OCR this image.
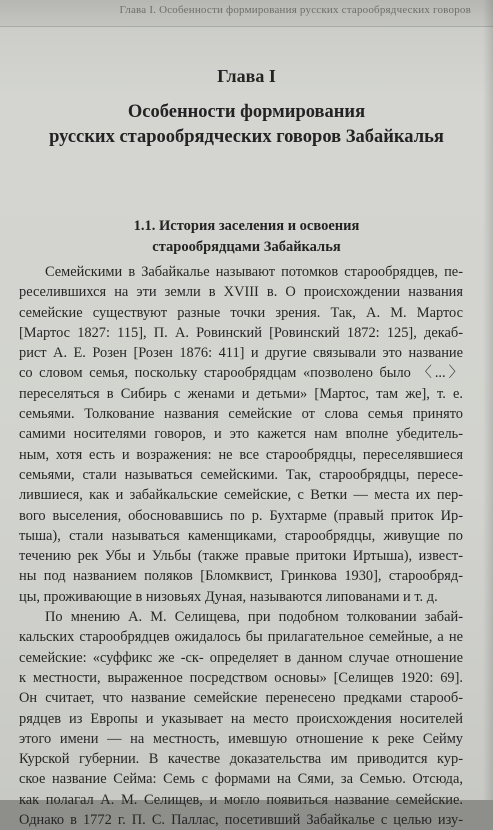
Глава I. Особенности формирования русских старообрядческих говоров
Глава I
Особенности формирования
русских старообрядческих говоров Забайкалья
1.1. История заселения и освоения
старообрядцами Забайкалья
Семейскими в Забайкалье называют потомков старообрядцев, пе-
реселившихся на эти земли в XVIII в. О происхождении названия
семейские существуют разные точки зрения. Так, А. М. Мартос
[Мартос 1827: 115], П. А. Ровинский [Ровинский 1872: 125], декаб-
рист А. Е. Розен [Розен 1876: 411] и другие связывали это название
со словом семья, поскольку старообрядцам «позволено было 〈...〉
переселяться в Сибирь с женами и детьми» [Мартос, там же], т. е.
семьями. Толкование названия семейские от слова семья принято
самими носителями говоров, и это кажется нам вполне убедитель-
ным, хотя есть и возражения: не все старообрядцы, переселявшиеся
семьями, стали называться семейскими. Так, старообрядцы, пересе-
лившиеся, как и забайкальские семейские, с Ветки — места их пер-
вого выселения, обосновавшись по р. Бухтарме (правый приток Ир-
тыша), стали называться каменщиками, старообрядцы, живущие по
течению рек Убы и Ульбы (также правые притоки Иртыша), извест-
ны под названием поляков [Бломквист, Гринкова 1930], старообряд-
цы, проживающие в низовьях Дуная, называются липованами и т. д.
По мнению А. М. Селищева, при подобном толковании забай-
кальских старообрядцев ожидалось бы прилагательное семейные, а не
семейские: «суффикс же -ск- определяет в данном случае отношение
к местности, выраженное посредством основы» [Селищев 1920: 69].
Он считает, что название семейские перенесено предками старооб-
рядцев из Европы и указывает на место происхождения носителей
этого имени — на местность, имевшую отношение к реке Сейму
Курской губернии. В качестве доказательства им приводится кур-
ское название Сейма: Семь с формами на Сями, за Семью. Отсюда,
как полагал А. М. Селищев, и могло появиться название семейские.
Однако в 1772 г. П. С. Паллас, посетивший Забайкалье с целью изу-
